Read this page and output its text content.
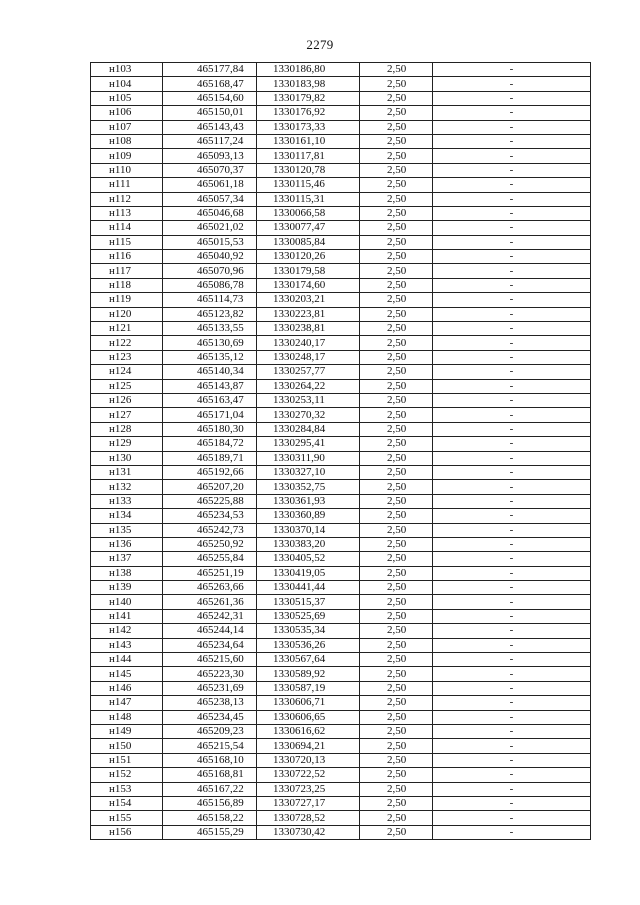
2279
н103	465177,84	1330186,80	2,50	-
н104	465168,47	1330183,98	2,50	-
н105	465154,60	1330179,82	2,50	-
н106	465150,01	1330176,92	2,50	-
н107	465143,43	1330173,33	2,50	-
н108	465117,24	1330161,10	2,50	-
н109	465093,13	1330117,81	2,50	-
н110	465070,37	1330120,78	2,50	-
н111	465061,18	1330115,46	2,50	-
н112	465057,34	1330115,31	2,50	-
н113	465046,68	1330066,58	2,50	-
н114	465021,02	1330077,47	2,50	-
н115	465015,53	1330085,84	2,50	-
н116	465040,92	1330120,26	2,50	-
н117	465070,96	1330179,58	2,50	-
н118	465086,78	1330174,60	2,50	-
н119	465114,73	1330203,21	2,50	-
н120	465123,82	1330223,81	2,50	-
н121	465133,55	1330238,81	2,50	-
н122	465130,69	1330240,17	2,50	-
н123	465135,12	1330248,17	2,50	-
н124	465140,34	1330257,77	2,50	-
н125	465143,87	1330264,22	2,50	-
н126	465163,47	1330253,11	2,50	-
н127	465171,04	1330270,32	2,50	-
н128	465180,30	1330284,84	2,50	-
н129	465184,72	1330295,41	2,50	-
н130	465189,71	1330311,90	2,50	-
н131	465192,66	1330327,10	2,50	-
н132	465207,20	1330352,75	2,50	-
н133	465225,88	1330361,93	2,50	-
н134	465234,53	1330360,89	2,50	-
н135	465242,73	1330370,14	2,50	-
н136	465250,92	1330383,20	2,50	-
н137	465255,84	1330405,52	2,50	-
н138	465251,19	1330419,05	2,50	-
н139	465263,66	1330441,44	2,50	-
н140	465261,36	1330515,37	2,50	-
н141	465242,31	1330525,69	2,50	-
н142	465244,14	1330535,34	2,50	-
н143	465234,64	1330536,26	2,50	-
н144	465215,60	1330567,64	2,50	-
н145	465223,30	1330589,92	2,50	-
н146	465231,69	1330587,19	2,50	-
н147	465238,13	1330606,71	2,50	-
н148	465234,45	1330606,65	2,50	-
н149	465209,23	1330616,62	2,50	-
н150	465215,54	1330694,21	2,50	-
н151	465168,10	1330720,13	2,50	-
н152	465168,81	1330722,52	2,50	-
н153	465167,22	1330723,25	2,50	-
н154	465156,89	1330727,17	2,50	-
н155	465158,22	1330728,52	2,50	-
н156	465155,29	1330730,42	2,50	-
